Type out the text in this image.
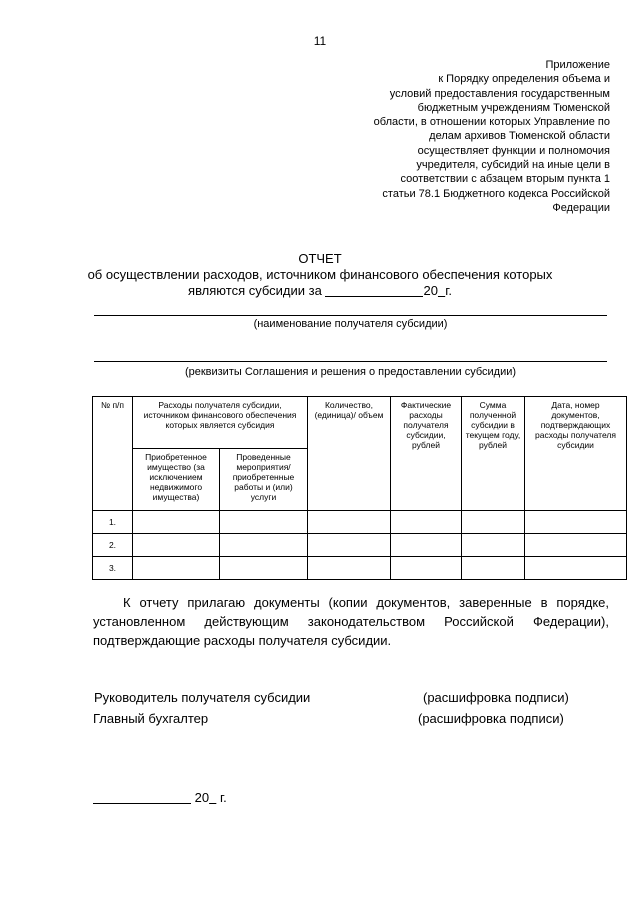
11
Приложение
к Порядку определения объема и
условий предоставления государственным
бюджетным учреждениям Тюменской
области, в отношении которых Управление по
делам архивов Тюменской области
осуществляет функции и полномочия
учредителя, субсидий на иные цели в
соответствии с абзацем вторым пункта 1
статьи 78.1 Бюджетного кодекса Российской
Федерации
ОТЧЕТ
об осуществлении расходов, источником финансового обеспечения которых
являются субсидии за	20 г.
(наименование получателя субсидии)
(реквизиты Соглашения и решения о предоставлении субсидии)
№ п/п	Расходы получателя субсидии, источником финансового обеспечения которых является субсидия		Количество, (единица)/ объем	Фактические расходы получателя субсидии, рублей	Сумма полученной субсидии в текущем году, рублей	Дата, номер документов, подтверждающих расходы получателя субсидии
	Приобретенное имущество (за исключением недвижимого имущества)	Проведенные мероприятия/ приобретенные работы и (или) услуги				
1.						
2.						
3.						
К отчету прилагаю документы (копии документов, заверенные в порядке, установленном действующим законодательством Российской Федерации), подтверждающие расходы получателя субсидии.
Руководитель получателя субсидии	(расшифровка подписи)
Главный бухгалтер	(расшифровка подписи)
20 г.
